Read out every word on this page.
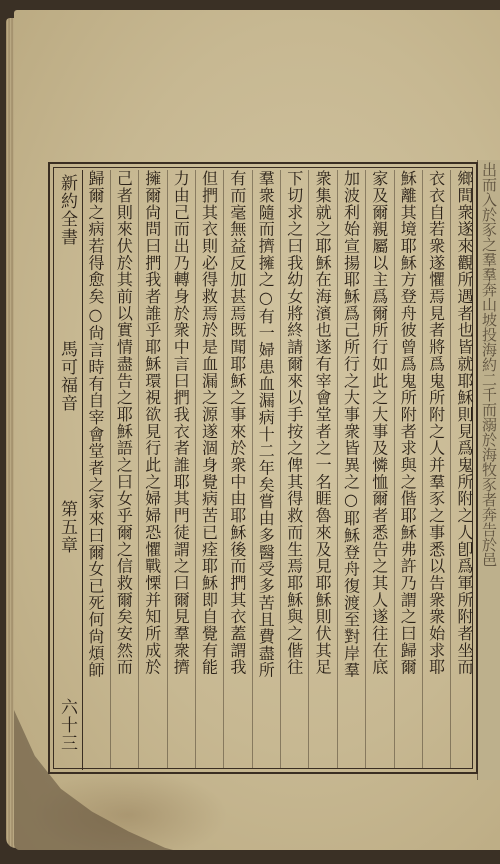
出而入於豕之羣羣奔山坡投海約二千而溺於海牧豕者奔告於邑
新約全書
馬可福音
第五章
六十三
鄉間衆遂來觀所遇者也皆就耶穌則見爲鬼所附之人卽爲軍所附者坐而
衣衣自若衆遂懼焉見者將爲鬼所附之人并羣豕之事悉以告衆衆始求耶
穌離其境耶穌方登舟彼曾爲鬼所附者求與之偕耶穌弗許乃謂之曰歸爾
家及爾親屬以主爲爾所行如此之大事及憐恤爾者悉告之其人遂往在底
加波利始宣揚耶穌爲己所行之大事衆皆異之○耶穌登舟復渡至對岸羣
衆集就之耶穌在海濱也遂有宰會堂者之一名睚魯來及見耶穌則伏其足
下切求之曰我幼女將終請爾來以手按之俾其得救而生焉耶穌與之偕往
羣衆隨而擠擁之○有一婦患血漏病十二年矣嘗由多醫受多苦且費盡所
有而毫無益反加甚焉既聞耶穌之事來於衆中由耶穌後而捫其衣蓋謂我
但捫其衣則必得救焉於是血漏之源遂涸身覺病苦已痊耶穌即自覺有能
力由己而出乃轉身於衆中言曰捫我衣者誰耶其門徒謂之曰爾見羣衆擠
擁爾尙問曰捫我者誰乎耶穌環視欲見行此之婦婦恐懼戰慄并知所成於
己者則來伏於其前以實情盡告之耶穌語之曰女乎爾之信救爾矣安然而
歸爾之病若得愈矣○尙言時有自宰會堂者之家來曰爾女已死何尙煩師
